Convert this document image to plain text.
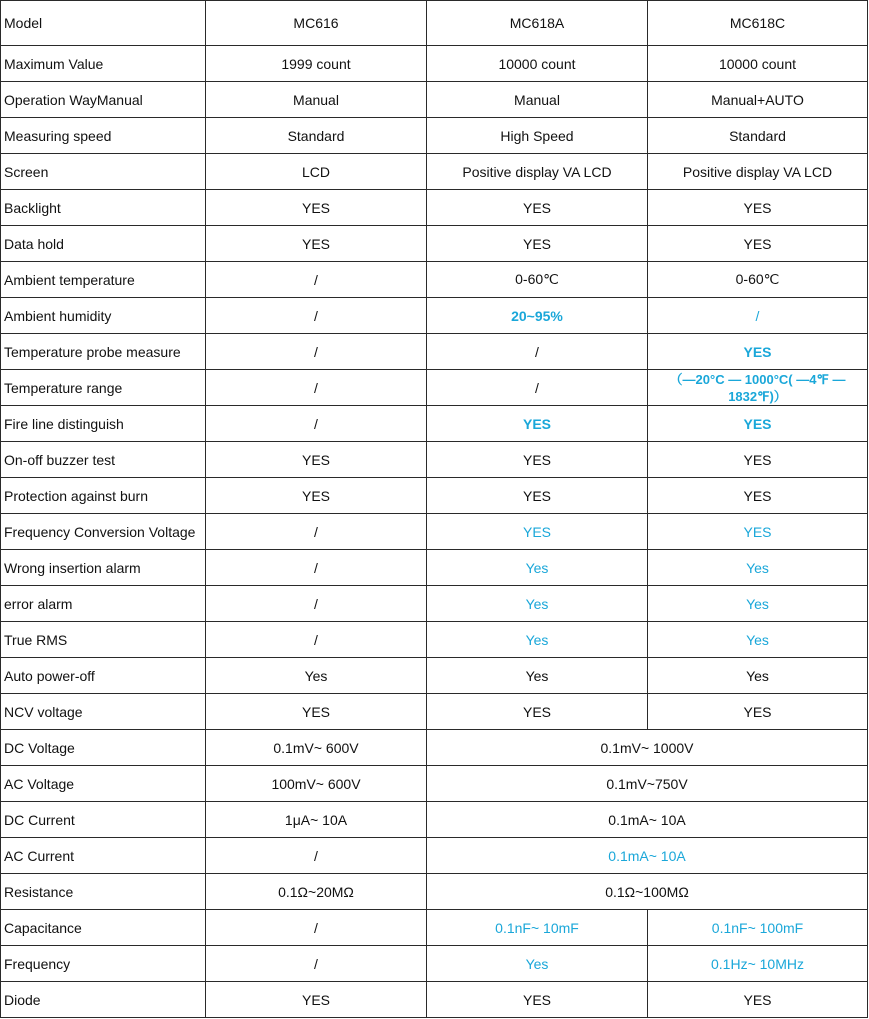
Model	MC616	MC618A	MC618C
Maximum Value	1999 count	10000 count	10000 count
Operation WayManual	Manual	Manual	Manual+AUTO
Measuring speed	Standard	High Speed	Standard
Screen	LCD	Positive display VA LCD	Positive display VA LCD
Backlight	YES	YES	YES
Data hold	YES	YES	YES
Ambient temperature	/	0-60℃	0-60℃
Ambient humidity	/	20~95%	/
Temperature probe measure	/	/	YES
Temperature range	/	/	（—20°C — 1000°C( —4℉ —1832℉)）
Fire line distinguish	/	YES	YES
On-off buzzer test	YES	YES	YES
Protection against burn	YES	YES	YES
Frequency Conversion Voltage	/	YES	YES
Wrong insertion alarm	/	Yes	Yes
error alarm	/	Yes	Yes
True RMS	/	Yes	Yes
Auto power-off	Yes	Yes	Yes
NCV voltage	YES	YES	YES
DC Voltage	0.1mV~ 600V	0.1mV~ 1000V	
AC Voltage	100mV~ 600V	0.1mV~750V	
DC Current	1μA~ 10A	0.1mA~ 10A	
AC Current	/	0.1mA~ 10A	
Resistance	0.1Ω~20MΩ	0.1Ω~100MΩ	
Capacitance	/	0.1nF~ 10mF	0.1nF~ 100mF
Frequency	/	Yes	0.1Hz~ 10MHz
Diode	YES	YES	YES
